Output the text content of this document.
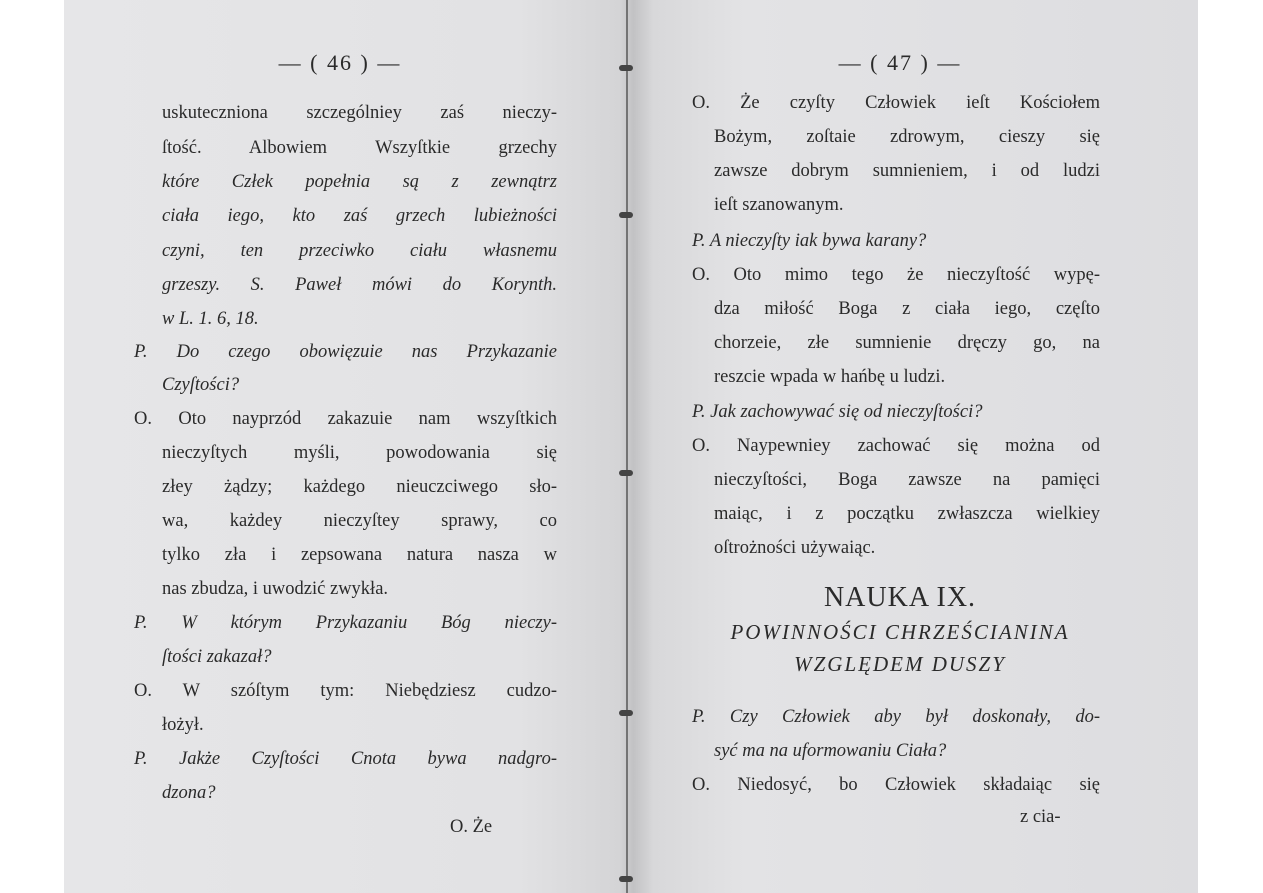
— ( 46 ) —
uskuteczniona szczególniey zaś nieczy-
ſtość. Albowiem Wszyſtkie grzechy
które Człek popełnia są z zewnątrz
ciała iego, kto zaś grzech lubieżności
czyni, ten przeciwko ciału własnemu
grzeszy. S. Paweł mówi do Korynth.
w L. 1. 6, 18.
P. Do czego obowięzuie nas Przykazanie
Czyſtości?
O. Oto nayprzód zakazuie nam wszyſtkich
nieczyſtych myśli, powodowania się
złey żądzy; każdego nieuczciwego sło-
wa, każdey nieczyſtey sprawy, co
tylko zła i zepsowana natura nasza w
nas zbudza, i uwodzić zwykła.
P. W którym Przykazaniu Bóg nieczy-
ſtości zakazał?
O. W szóſtym tym: Niebędziesz cudzo-
łożył.
P. Jakże Czyſtości Cnota bywa nadgro-
dzona?
O. Że
— ( 47 ) —
O. Że czyſty Człowiek ieſt Kościołem
Bożym, zoſtaie zdrowym, cieszy się
zawsze dobrym sumnieniem, i od ludzi
ieſt szanowanym.
P. A nieczyſty iak bywa karany?
O. Oto mimo tego że nieczyſtość wypę-
dza miłość Boga z ciała iego, częſto
chorzeie, złe sumnienie dręczy go, na
reszcie wpada w hańbę u ludzi.
P. Jak zachowywać się od nieczyſtości?
O. Naypewniey zachować się można od
nieczyſtości, Boga zawsze na pamięci
maiąc, i z początku zwłaszcza wielkiey
oſtrożności używaiąc.
NAUKA IX.
POWINNOŚCI CHRZEŚCIANINA
WZGLĘDEM DUSZY
P. Czy Człowiek aby był doskonały, do-
syć ma na uformowaniu Ciała?
O. Niedosyć, bo Człowiek składaiąc się
z cia-
